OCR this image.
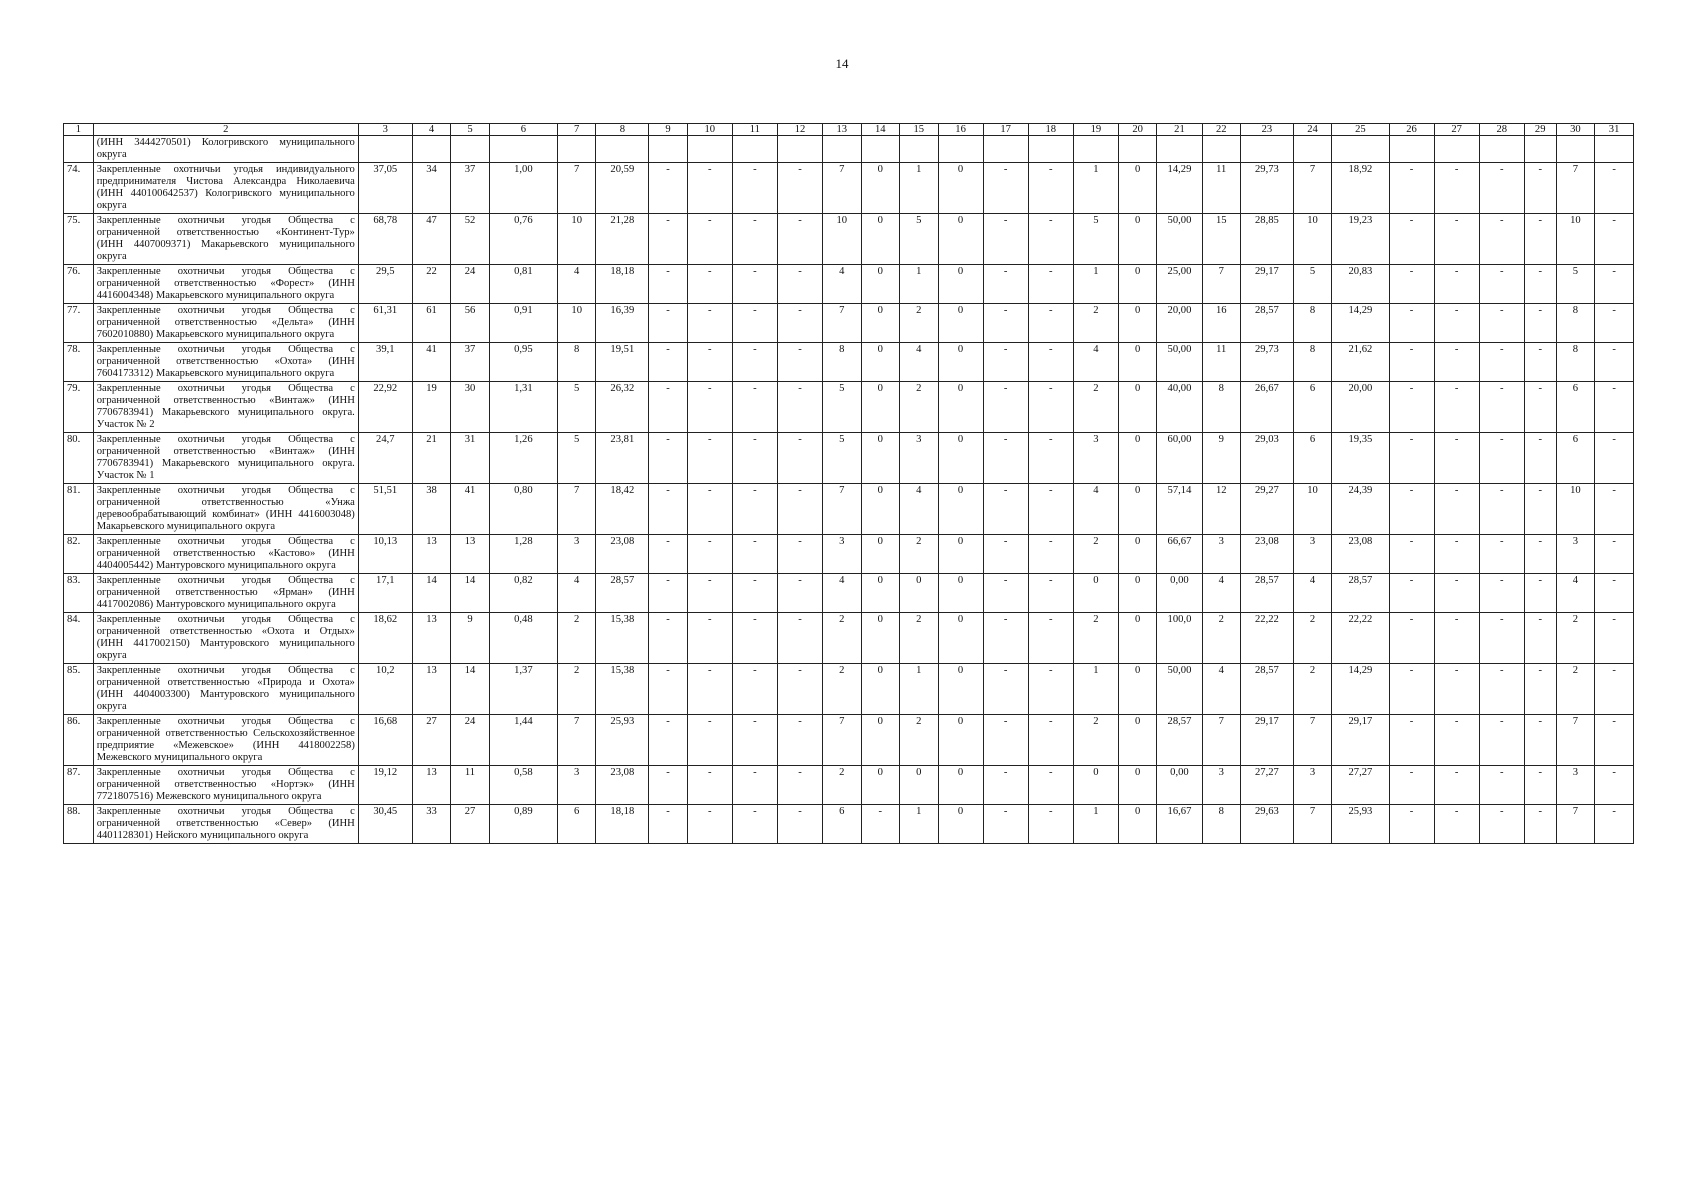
14
1	2	3	4	5	6	7	8	9	10	11	12	13	14	15	16	17	18	19	20	21	22	23	24	25	26	27	28	29	30	31
	(ИНН 3444270501) Кологривского муниципального округа																													
74.	Закрепленные охотничьи угодья индивидуального предпринимателя Чистова Александра Николаевича (ИНН 440100642537) Кологривского муниципального округа	37,05	34	37	1,00	7	20,59	-	-	-	-	7	0	1	0	-	-	1	0	14,29	11	29,73	7	18,92	-	-	-	-	7	-
75.	Закрепленные охотничьи угодья Общества с ограниченной ответственностью «Континент-Тур» (ИНН 4407009371) Макарьевского муниципального округа	68,78	47	52	0,76	10	21,28	-	-	-	-	10	0	5	0	-	-	5	0	50,00	15	28,85	10	19,23	-	-	-	-	10	-
76.	Закрепленные охотничьи угодья Общества с ограниченной ответственностью «Форест» (ИНН 4416004348) Макарьевского муниципального округа	29,5	22	24	0,81	4	18,18	-	-	-	-	4	0	1	0	-	-	1	0	25,00	7	29,17	5	20,83	-	-	-	-	5	-
77.	Закрепленные охотничьи угодья Общества с ограниченной ответственностью «Дельта» (ИНН 7602010880) Макарьевского муниципального округа	61,31	61	56	0,91	10	16,39	-	-	-	-	7	0	2	0	-	-	2	0	20,00	16	28,57	8	14,29	-	-	-	-	8	-
78.	Закрепленные охотничьи угодья Общества с ограниченной ответственностью «Охота» (ИНН 7604173312) Макарьевского муниципального округа	39,1	41	37	0,95	8	19,51	-	-	-	-	8	0	4	0	-	-	4	0	50,00	11	29,73	8	21,62	-	-	-	-	8	-
79.	Закрепленные охотничьи угодья Общества с ограниченной ответственностью «Винтаж» (ИНН 7706783941) Макарьевского муниципального округа. Участок № 2	22,92	19	30	1,31	5	26,32	-	-	-	-	5	0	2	0	-	-	2	0	40,00	8	26,67	6	20,00	-	-	-	-	6	-
80.	Закрепленные охотничьи угодья Общества с ограниченной ответственностью «Винтаж» (ИНН 7706783941) Макарьевского муниципального округа. Участок № 1	24,7	21	31	1,26	5	23,81	-	-	-	-	5	0	3	0	-	-	3	0	60,00	9	29,03	6	19,35	-	-	-	-	6	-
81.	Закрепленные охотничьи угодья Общества с ограниченной ответственностью «Унжа деревообрабатывающий комбинат» (ИНН 4416003048) Макарьевского муниципального округа	51,51	38	41	0,80	7	18,42	-	-	-	-	7	0	4	0	-	-	4	0	57,14	12	29,27	10	24,39	-	-	-	-	10	-
82.	Закрепленные охотничьи угодья Общества с ограниченной ответственностью «Кастово» (ИНН 4404005442) Мантуровского муниципального округа	10,13	13	13	1,28	3	23,08	-	-	-	-	3	0	2	0	-	-	2	0	66,67	3	23,08	3	23,08	-	-	-	-	3	-
83.	Закрепленные охотничьи угодья Общества с ограниченной ответственностью «Ярман» (ИНН 4417002086) Мантуровского муниципального округа	17,1	14	14	0,82	4	28,57	-	-	-	-	4	0	0	0	-	-	0	0	0,00	4	28,57	4	28,57	-	-	-	-	4	-
84.	Закрепленные охотничьи угодья Общества с ограниченной ответственностью «Охота и Отдых» (ИНН 4417002150) Мантуровского муниципального округа	18,62	13	9	0,48	2	15,38	-	-	-	-	2	0	2	0	-	-	2	0	100,0	2	22,22	2	22,22	-	-	-	-	2	-
85.	Закрепленные охотничьи угодья Общества с ограниченной ответственностью «Природа и Охота» (ИНН 4404003300) Мантуровского муниципального округа	10,2	13	14	1,37	2	15,38	-	-	-	-	2	0	1	0	-	-	1	0	50,00	4	28,57	2	14,29	-	-	-	-	2	-
86.	Закрепленные охотничьи угодья Общества с ограниченной ответственностью Сельскохозяйственное предприятие «Межевское» (ИНН 4418002258) Межевского муниципального округа	16,68	27	24	1,44	7	25,93	-	-	-	-	7	0	2	0	-	-	2	0	28,57	7	29,17	7	29,17	-	-	-	-	7	-
87.	Закрепленные охотничьи угодья Общества с ограниченной ответственностью «Нортэк» (ИНН 7721807516) Межевского муниципального округа	19,12	13	11	0,58	3	23,08	-	-	-	-	2	0	0	0	-	-	0	0	0,00	3	27,27	3	27,27	-	-	-	-	3	-
88.	Закрепленные охотничьи угодья Общества с ограниченной ответственностью «Север» (ИНН 4401128301) Нейского муниципального округа	30,45	33	27	0,89	6	18,18	-	-	-	-	6	-	1	0	-	-	1	0	16,67	8	29,63	7	25,93	-	-	-	-	7	-
